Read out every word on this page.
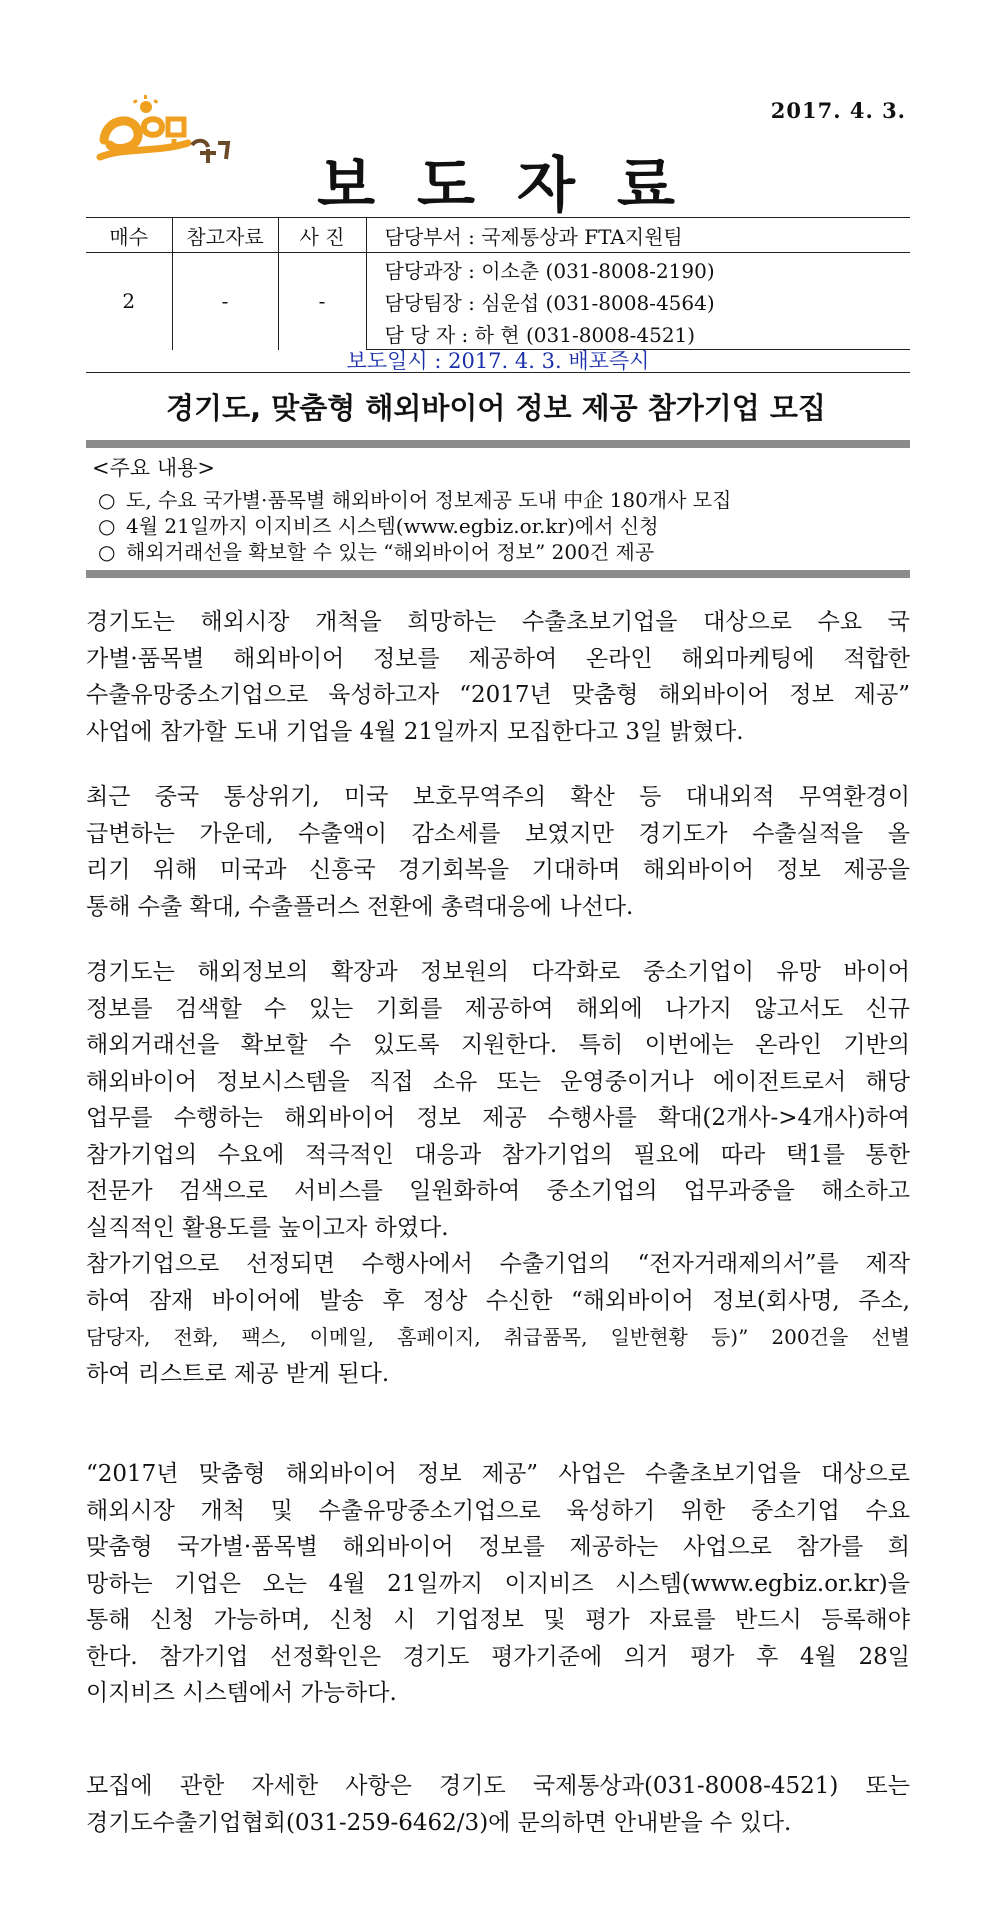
2017. 4. 3.
보도자료
매수	참고자료	사 진	담당부서 : 국제통상과 FTA지원팀
2	-	-	담당과장 : 이소춘 (031-8008-2190)
			담당팀장 : 심운섭 (031-8008-4564)
			담 당 자 : 하 현 (031-8008-4521)
보도일시 : 2017. 4. 3. 배포즉시
경기도, 맞춤형 해외바이어 정보 제공 참가기업 모집
<주요 내용>
○ 도, 수요 국가별·품목별 해외바이어 정보제공 도내 中企 180개사 모집
○ 4월 21일까지 이지비즈 시스템(www.egbiz.or.kr)에서 신청
○ 해외거래선을 확보할 수 있는 “해외바이어 정보” 200건 제공
경기도는 해외시장 개척을 희망하는 수출초보기업을 대상으로 수요 국
가별·품목별 해외바이어 정보를 제공하여 온라인 해외마케팅에 적합한
수출유망중소기업으로 육성하고자 “2017년 맞춤형 해외바이어 정보 제공”
사업에 참가할 도내 기업을 4월 21일까지 모집한다고 3일 밝혔다.
최근 중국 통상위기, 미국 보호무역주의 확산 등 대내외적 무역환경이
급변하는 가운데, 수출액이 감소세를 보였지만 경기도가 수출실적을 올
리기 위해 미국과 신흥국 경기회복을 기대하며 해외바이어 정보 제공을
통해 수출 확대, 수출플러스 전환에 총력대응에 나선다.
경기도는 해외정보의 확장과 정보원의 다각화로 중소기업이 유망 바이어
정보를 검색할 수 있는 기회를 제공하여 해외에 나가지 않고서도 신규
해외거래선을 확보할 수 있도록 지원한다. 특히 이번에는 온라인 기반의
해외바이어 정보시스템을 직접 소유 또는 운영중이거나 에이전트로서 해당
업무를 수행하는 해외바이어 정보 제공 수행사를 확대(2개사->4개사)하여
참가기업의 수요에 적극적인 대응과 참가기업의 필요에 따라 택1를 통한
전문가 검색으로 서비스를 일원화하여 중소기업의 업무과중을 해소하고
실직적인 활용도를 높이고자 하였다.
참가기업으로 선정되면 수행사에서 수출기업의 “전자거래제의서”를 제작
하여 잠재 바이어에 발송 후 정상 수신한 “해외바이어 정보(회사명, 주소,
담당자, 전화, 팩스, 이메일, 홈페이지, 취급품목, 일반현황 등)” 200건을 선별
하여 리스트로 제공 받게 된다.
“2017년 맞춤형 해외바이어 정보 제공” 사업은 수출초보기업을 대상으로
해외시장 개척 및 수출유망중소기업으로 육성하기 위한 중소기업 수요
맞춤형 국가별·품목별 해외바이어 정보를 제공하는 사업으로 참가를 희
망하는 기업은 오는 4월 21일까지 이지비즈 시스템(www.egbiz.or.kr)을
통해 신청 가능하며, 신청 시 기업정보 및 평가 자료를 반드시 등록해야
한다. 참가기업 선정확인은 경기도 평가기준에 의거 평가 후 4월 28일
이지비즈 시스템에서 가능하다.
모집에 관한 자세한 사항은 경기도 국제통상과(031-8008-4521) 또는
경기도수출기업협회(031-259-6462/3)에 문의하면 안내받을 수 있다.
